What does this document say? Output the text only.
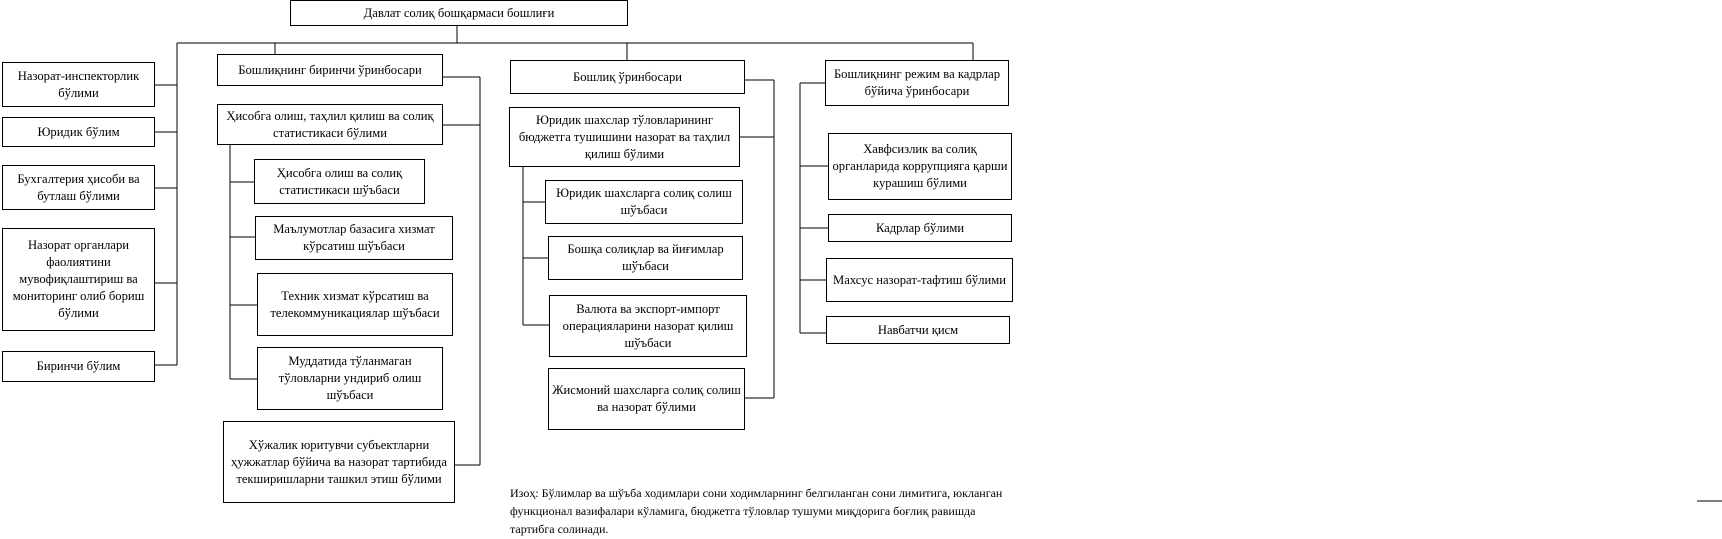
Давлат солиқ бошқармаси бошлиғи
Назорат-инспекторлик бўлими
Юридик бўлим
Бухгалтерия ҳисоби ва бутлаш бўлими
Назорат органлари фаолиятини мувофиқлаштириш ва мониторинг олиб бориш бўлими
Биринчи бўлим
Бошлиқнинг биринчи ўринбосари
Ҳисобга олиш, таҳлил қилиш ва солиқ статистикаси бўлими
Ҳисобга олиш ва солиқ статистикаси шўъбаси
Маълумотлар базасига хизмат кўрсатиш шўъбаси
Техник хизмат кўрсатиш ва телекоммуникациялар шўъбаси
Муддатида тўланмаган тўловларни ундириб олиш шўъбаси
Хўжалик юритувчи субъектларни ҳужжатлар бўйича ва назорат тартибида текширишларни ташкил этиш бўлими
Бошлиқ ўринбосари
Юридик шахслар тўловларининг бюджетга тушишини назорат ва таҳлил қилиш бўлими
Юридик шахсларга солиқ солиш шўъбаси
Бошқа солиқлар ва йиғимлар шўъбаси
Валюта ва экспорт-импорт операцияларини назорат қилиш шўъбаси
Жисмоний шахсларга солиқ солиш ва назорат бўлими
Бошлиқнинг режим ва кадрлар бўйича ўринбосари
Хавфсизлик ва солиқ органларида коррупцияга қарши курашиш бўлими
Кадрлар бўлими
Махсус назорат-тафтиш бўлими
Навбатчи қисм
Изоҳ: Бўлимлар ва шўъба ходимлари сони ходимларнинг белгиланган сони лимитига, юкланган функционал вазифалари кўламига, бюджетга тўловлар тушуми миқдорига боғлиқ равишда тартибга солинади.
